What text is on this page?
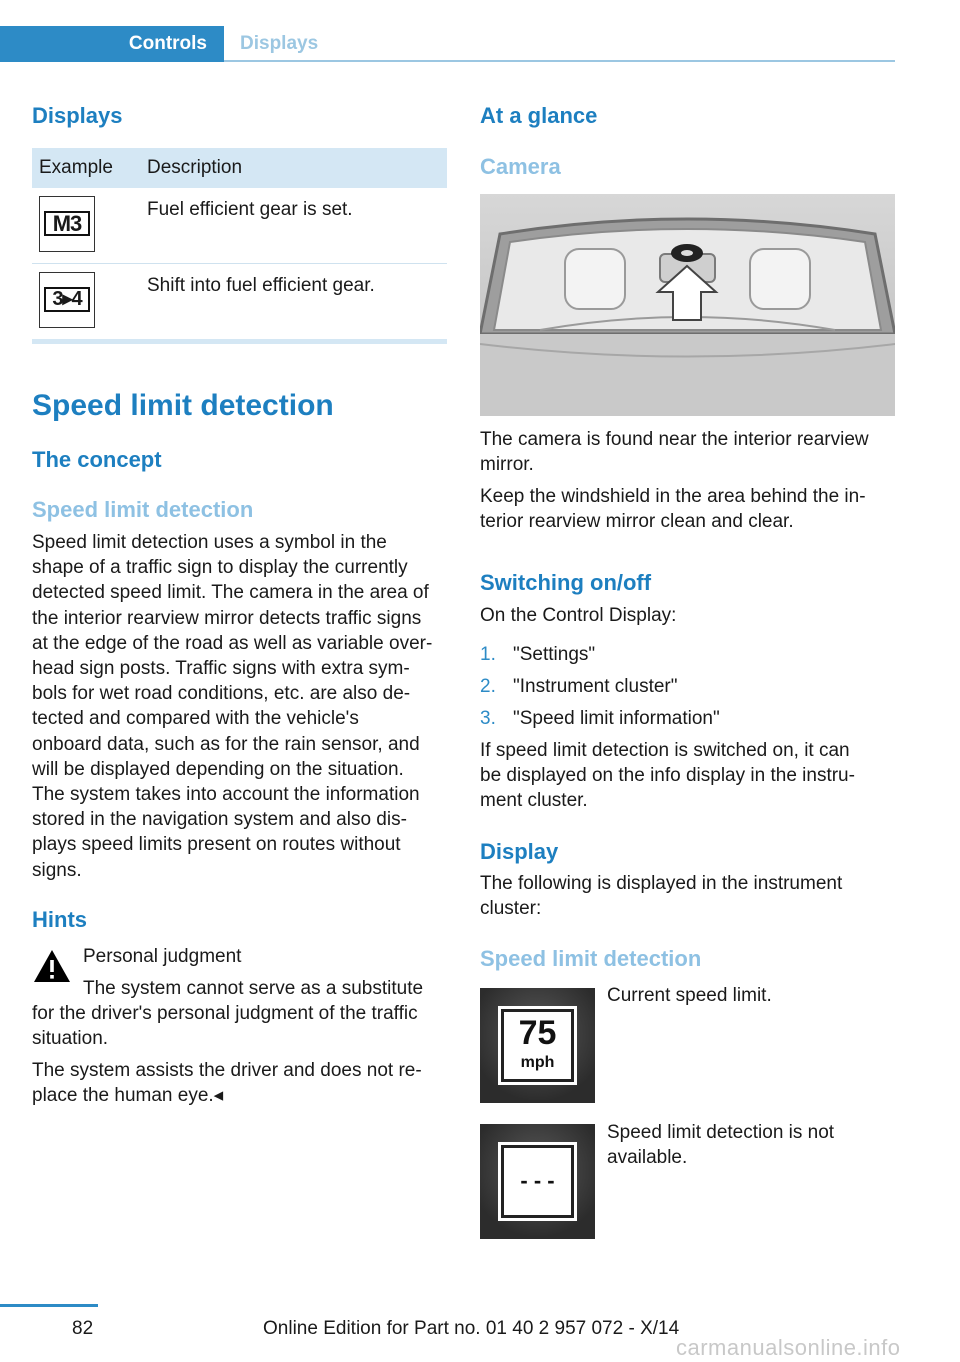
Controls	Displays
Displays
Example Description
M3
Fuel efficient gear is set.
3▸4
Shift into fuel efficient gear.
Speed limit detection
The concept
Speed limit detection
Speed limit detection uses a symbol in the
shape of a traffic sign to display the currently
detected speed limit. The camera in the area of
the interior rearview mirror detects traffic signs
at the edge of the road as well as variable over‐
head sign posts. Traffic signs with extra sym‐
bols for wet road conditions, etc. are also de‐
tected and compared with the vehicle's
onboard data, such as for the rain sensor, and
will be displayed depending on the situation.
The system takes into account the information
stored in the navigation system and also dis‐
plays speed limits present on routes without
signs.
Hints
Personal judgment
The system cannot serve as a substitute
for the driver's personal judgment of the traffic
situation.
The system assists the driver and does not re‐
place the human eye.◂
At a glance
Camera
The camera is found near the interior rearview
mirror.
Keep the windshield in the area behind the in‐
terior rearview mirror clean and clear.
Switching on/off
On the Control Display:
1. "Settings"
2. "Instrument cluster"
3. "Speed limit information"
If speed limit detection is switched on, it can
be displayed on the info display in the instru‐
ment cluster.
Display
The following is displayed in the instrument
cluster:
Speed limit detection
75
mph
Current speed limit.
- - -
Speed limit detection is not
available.
82	Online Edition for Part no. 01 40 2 957 072 - X/14
carmanualsonline.info
